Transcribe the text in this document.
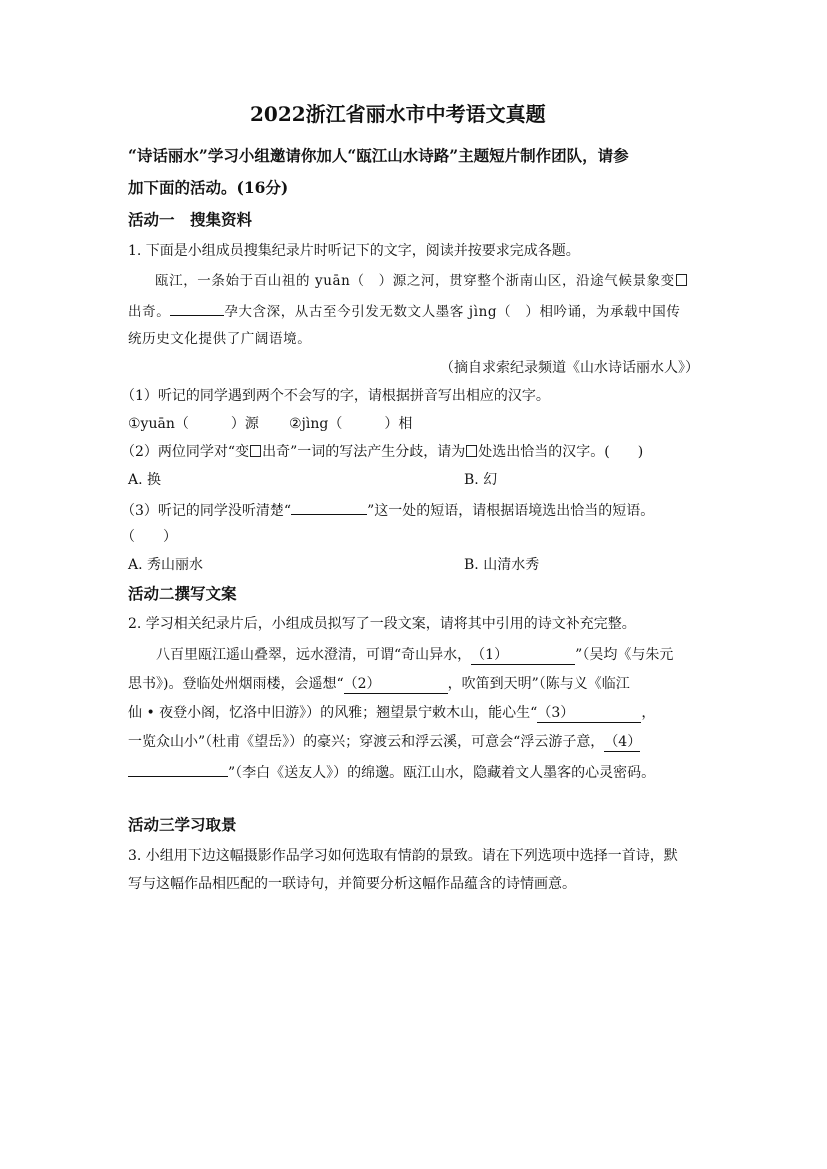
2022浙江省丽水市中考语文真题
“诗话丽水”学习小组邀请你加人“瓯江山水诗路”主题短片制作团队，请参
加下面的活动。(16分)
活动一　搜集资料
1. 下面是小组成员搜集纪录片时听记下的文字，阅读并按要求完成各题。
瓯江，一条始于百山祖的 yuān（　）源之河，贯穿整个浙南山区，沿途气候景象变
出奇。	孕大含深，从古至今引发无数文人墨客 jìng（　）相吟诵，为承载中国传
统历史文化提供了广阔语境。
（摘自求索纪录频道《山水诗话丽水人》）
（1）听记的同学遇到两个不会写的字，请根据拼音写出相应的汉字。
①yuān（　　　）源 ②jìng（　　　）相
（2）两位同学对“变 出奇”一词的写法产生分歧，请为 处选出恰当的汉字。(　　)
A. 换	B. 幻
（3）听记的同学没听清楚“	”这一处的短语，请根据语境选出恰当的短语。
（　　）
A. 秀山丽水	B. 山清水秀
活动二撰写文案
2. 学习相关纪录片后，小组成员拟写了一段文案，请将其中引用的诗文补充完整。
八百里瓯江遥山叠翠，远水澄清，可谓“奇山异水，（1）	”（吴均《与朱元
思书》)。登临处州烟雨楼，会遥想“（2）	，吹笛到天明”（陈与义《临江
仙 • 夜登小阁，忆洛中旧游》）的风雅；翘望景宁敕木山，能心生“（3）	，
一览众山小”（杜甫《望岳》）的豪兴；穿渡云和浮云溪，可意会“浮云游子意，（4）
”（李白《送友人》）的绵邈。瓯江山水，隐藏着文人墨客的心灵密码。
活动三学习取景
3. 小组用下边这幅摄影作品学习如何选取有情韵的景致。请在下列选项中选择一首诗，默
写与这幅作品相匹配的一联诗句，并简要分析这幅作品蕴含的诗情画意。
